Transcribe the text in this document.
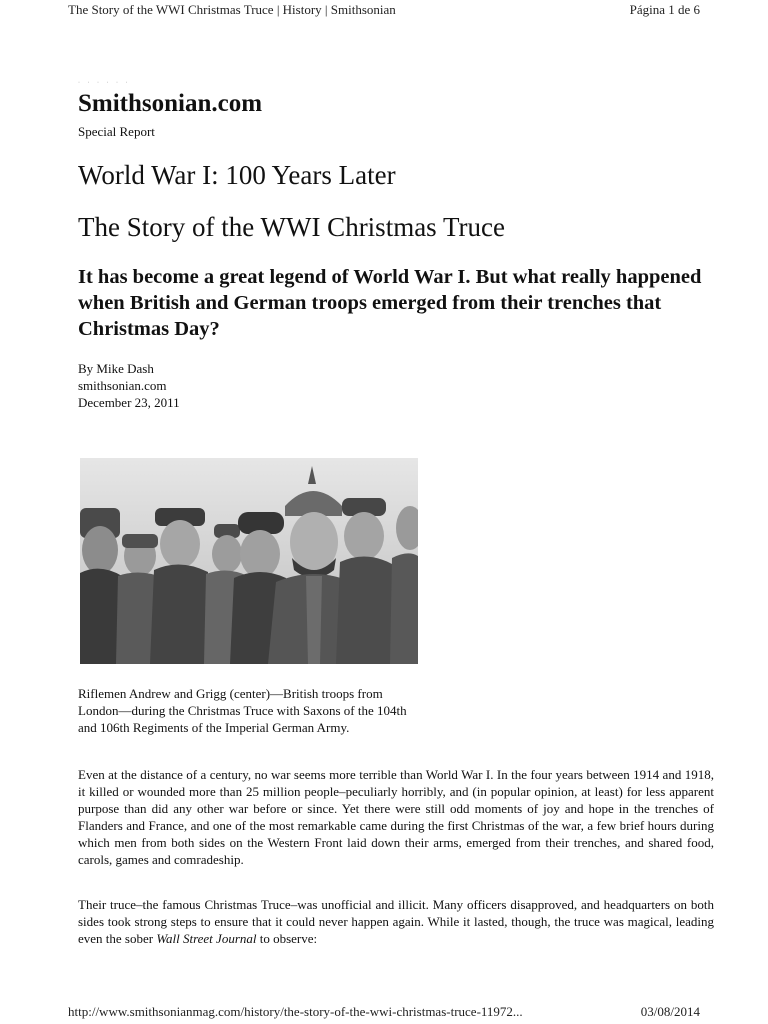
The Story of the WWI Christmas Truce | History | Smithsonian	Página 1 de 6
· · · · · ·
Smithsonian.com
Special Report
World War I: 100 Years Later
The Story of the WWI Christmas Truce

It has become a great legend of World War I. But what really happened when British and German troops emerged from their trenches that Christmas Day?

By Mike Dash
smithsonian.com
December 23, 2011
Riflemen Andrew and Grigg (center)—British troops from London—during the Christmas Truce with Saxons of the 104th and 106th Regiments of the Imperial German Army.

Even at the distance of a century, no war seems more terrible than World War I. In the four years between 1914 and 1918, it killed or wounded more than 25 million people–peculiarly horribly, and (in popular opinion, at least) for less apparent purpose than did any other war before or since. Yet there were still odd moments of joy and hope in the trenches of Flanders and France, and one of the most remarkable came during the first Christmas of the war, a few brief hours during which men from both sides on the Western Front laid down their arms, emerged from their trenches, and shared food, carols, games and comradeship.

Their truce–the famous Christmas Truce–was unofficial and illicit. Many officers disapproved, and headquarters on both sides took strong steps to ensure that it could never happen again. While it lasted, though, the truce was magical, leading even the sober Wall Street Journal to observe:

http://www.smithsonianmag.com/history/the-story-of-the-wwi-christmas-truce-11972...	03/08/2014
